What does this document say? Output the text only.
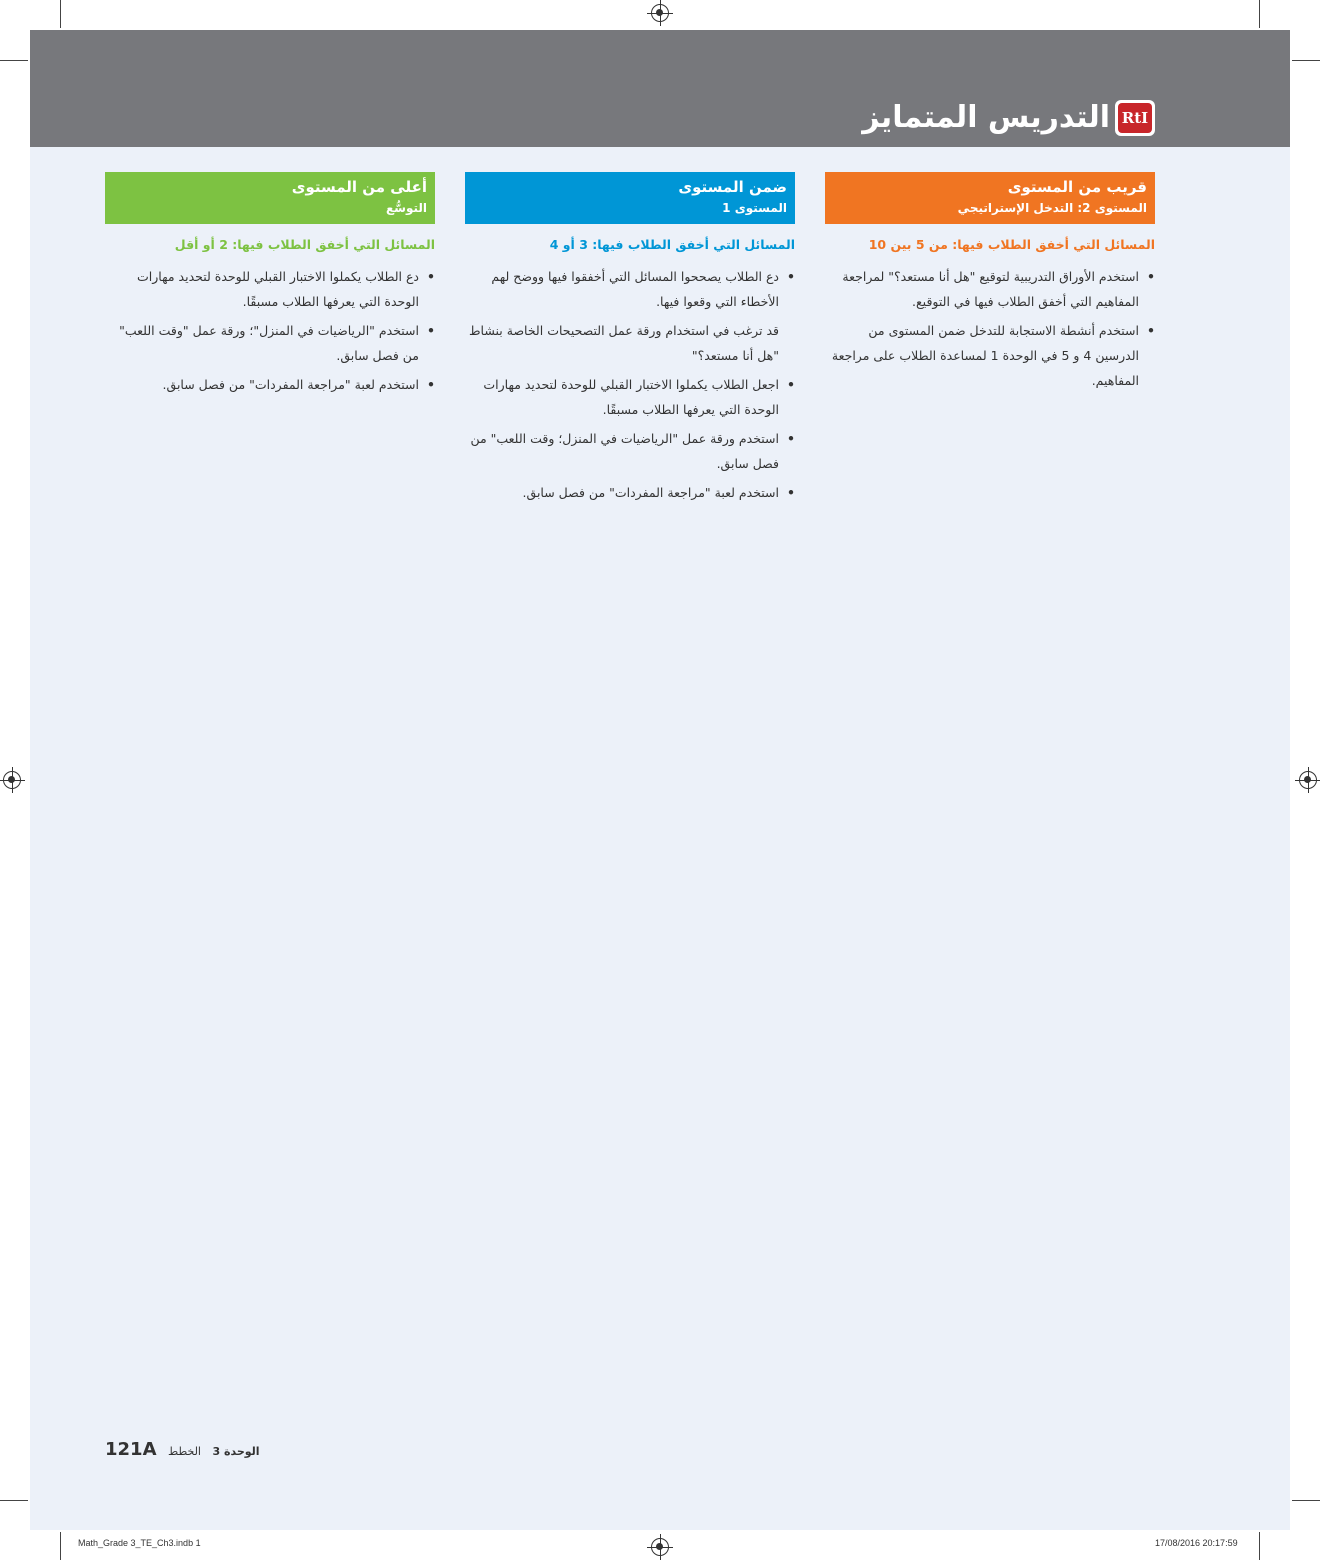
التدريس المتمايز RtI
قريب من المستوى
المستوى 2: التدخل الإستراتيجي
المسائل التي أخفق الطلاب فيها: من 5 بين 10
•
استخدم الأوراق التدريبية لتوقيع "هل أنا مستعد؟" لمراجعة المفاهيم التي أخفق الطلاب فيها في التوقيع.
•
استخدم أنشطة الاستجابة للتدخل ضمن المستوى من الدرسين 4 و 5 في الوحدة 1 لمساعدة الطلاب على مراجعة المفاهيم.
ضمن المستوى
المستوى 1
المسائل التي أخفق الطلاب فيها: 3 أو 4
•
دع الطلاب يصححوا المسائل التي أخفقوا فيها ووضح لهم الأخطاء التي وقعوا فيها.
قد ترغب في استخدام ورقة عمل التصحيحات الخاصة بنشاط "هل أنا مستعد؟"
•
اجعل الطلاب يكملوا الاختبار القبلي للوحدة لتحديد مهارات الوحدة التي يعرفها الطلاب مسبقًا.
•
استخدم ورقة عمل "الرياضيات في المنزل؛ وقت اللعب" من فصل سابق.
•
استخدم لعبة "مراجعة المفردات" من فصل سابق.
أعلى من المستوى
التوسُّع
المسائل التي أخفق الطلاب فيها: 2 أو أقل
•
دع الطلاب يكملوا الاختبار القبلي للوحدة لتحديد مهارات الوحدة التي يعرفها الطلاب مسبقًا.
•
استخدم "الرياضيات في المنزل"؛ ورقة عمل "وقت اللعب" من فصل سابق.
•
استخدم لعبة "مراجعة المفردات" من فصل سابق.
121A	الوحدة 3 الخطط
Math_Grade 3_TE_Ch3.indb 1	17/08/2016 20:17:59
